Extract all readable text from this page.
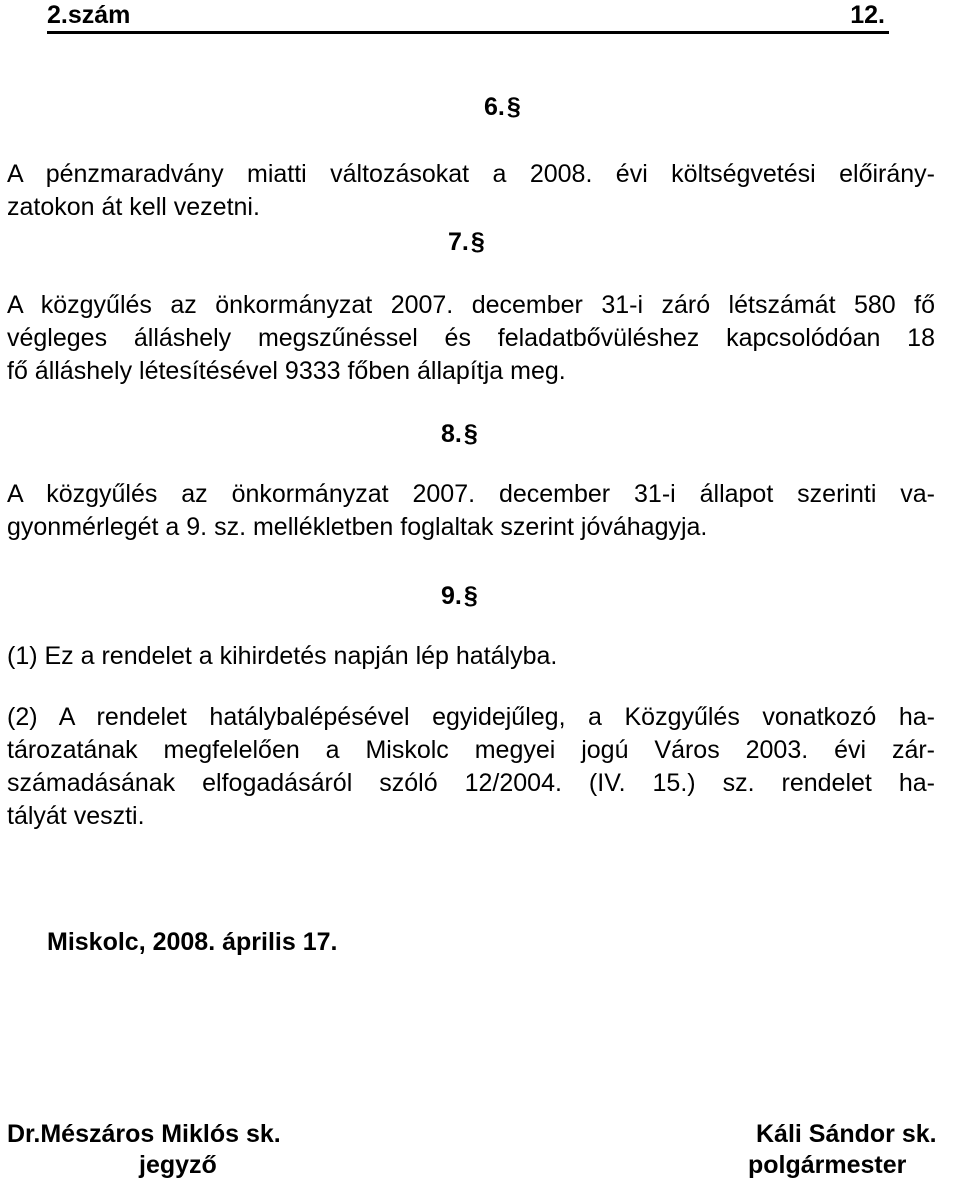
2.szám	12.
6.§
A pénzmaradvány miatti változásokat a 2008. évi költségvetési előirány-
zatokon át kell vezetni.
7.§
A közgyűlés az önkormányzat 2007. december 31-i záró létszámát 580 fő
végleges álláshely megszűnéssel és feladatbővüléshez kapcsolódóan 18
fő álláshely létesítésével 9333 főben állapítja meg.
8.§
A közgyűlés az önkormányzat 2007. december 31-i állapot szerinti va-
gyonmérlegét a 9. sz. mellékletben foglaltak szerint jóváhagyja.
9.§
(1) Ez a rendelet a kihirdetés napján lép hatályba.
(2) A rendelet hatálybalépésével egyidejűleg, a Közgyűlés vonatkozó ha-
tározatának megfelelően a Miskolc megyei jogú Város 2003. évi zár-
számadásának elfogadásáról szóló 12/2004. (IV. 15.) sz. rendelet ha-
tályát veszti.
Miskolc, 2008. április 17.
Dr.Mészáros Miklós sk.
jegyző
Káli Sándor sk.
polgármester
